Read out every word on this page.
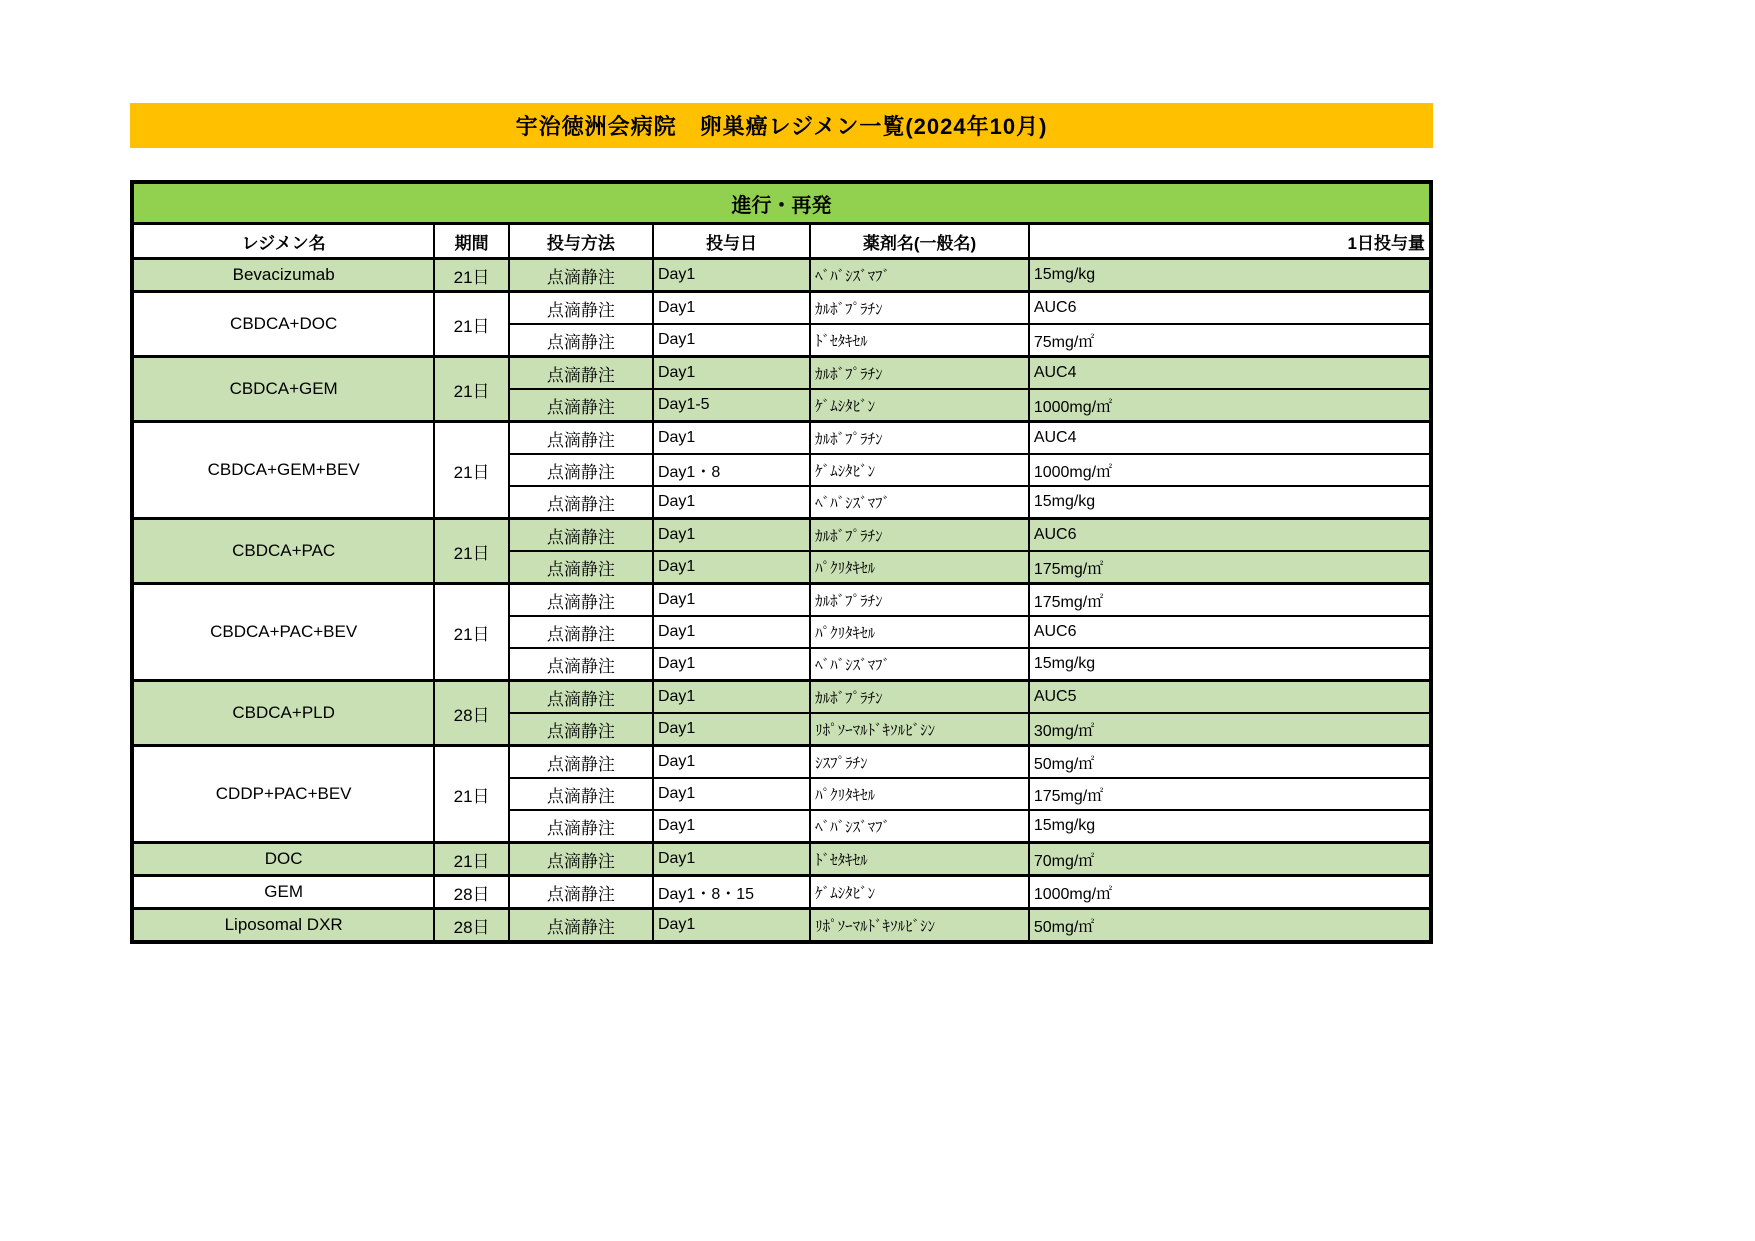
宇治徳洲会病院　卵巣癌レジメン一覧(2024年10月)
進行・再発					
レジメン名	期間	投与方法	投与日	薬剤名(一般名)	1日投与量
Bevacizumab	21日	点滴静注	Day1	ﾍﾞﾊﾞｼｽﾞﾏﾌﾞ	15mg/kg
CBDCA+DOC	21日	点滴静注	Day1	ｶﾙﾎﾞﾌﾟﾗﾁﾝ	AUC6
		点滴静注	Day1	ﾄﾞｾﾀｷｾﾙ	75mg/㎡
CBDCA+GEM	21日	点滴静注	Day1	ｶﾙﾎﾞﾌﾟﾗﾁﾝ	AUC4
		点滴静注	Day1-5	ｹﾞﾑｼﾀﾋﾞﾝ	1000mg/㎡
CBDCA+GEM+BEV	21日	点滴静注	Day1	ｶﾙﾎﾞﾌﾟﾗﾁﾝ	AUC4
		点滴静注	Day1・8	ｹﾞﾑｼﾀﾋﾞﾝ	1000mg/㎡
		点滴静注	Day1	ﾍﾞﾊﾞｼｽﾞﾏﾌﾞ	15mg/kg
CBDCA+PAC	21日	点滴静注	Day1	ｶﾙﾎﾞﾌﾟﾗﾁﾝ	AUC6
		点滴静注	Day1	ﾊﾟｸﾘﾀｷｾﾙ	175mg/㎡
CBDCA+PAC+BEV	21日	点滴静注	Day1	ｶﾙﾎﾞﾌﾟﾗﾁﾝ	175mg/㎡
		点滴静注	Day1	ﾊﾟｸﾘﾀｷｾﾙ	AUC6
		点滴静注	Day1	ﾍﾞﾊﾞｼｽﾞﾏﾌﾞ	15mg/kg
CBDCA+PLD	28日	点滴静注	Day1	ｶﾙﾎﾞﾌﾟﾗﾁﾝ	AUC5
		点滴静注	Day1	ﾘﾎﾟｿｰﾏﾙﾄﾞｷｿﾙﾋﾞｼﾝ	30mg/㎡
CDDP+PAC+BEV	21日	点滴静注	Day1	ｼｽﾌﾟﾗﾁﾝ	50mg/㎡
		点滴静注	Day1	ﾊﾟｸﾘﾀｷｾﾙ	175mg/㎡
		点滴静注	Day1	ﾍﾞﾊﾞｼｽﾞﾏﾌﾞ	15mg/kg
DOC	21日	点滴静注	Day1	ﾄﾞｾﾀｷｾﾙ	70mg/㎡
GEM	28日	点滴静注	Day1・8・15	ｹﾞﾑｼﾀﾋﾞﾝ	1000mg/㎡
Liposomal DXR	28日	点滴静注	Day1	ﾘﾎﾟｿｰﾏﾙﾄﾞｷｿﾙﾋﾞｼﾝ	50mg/㎡
